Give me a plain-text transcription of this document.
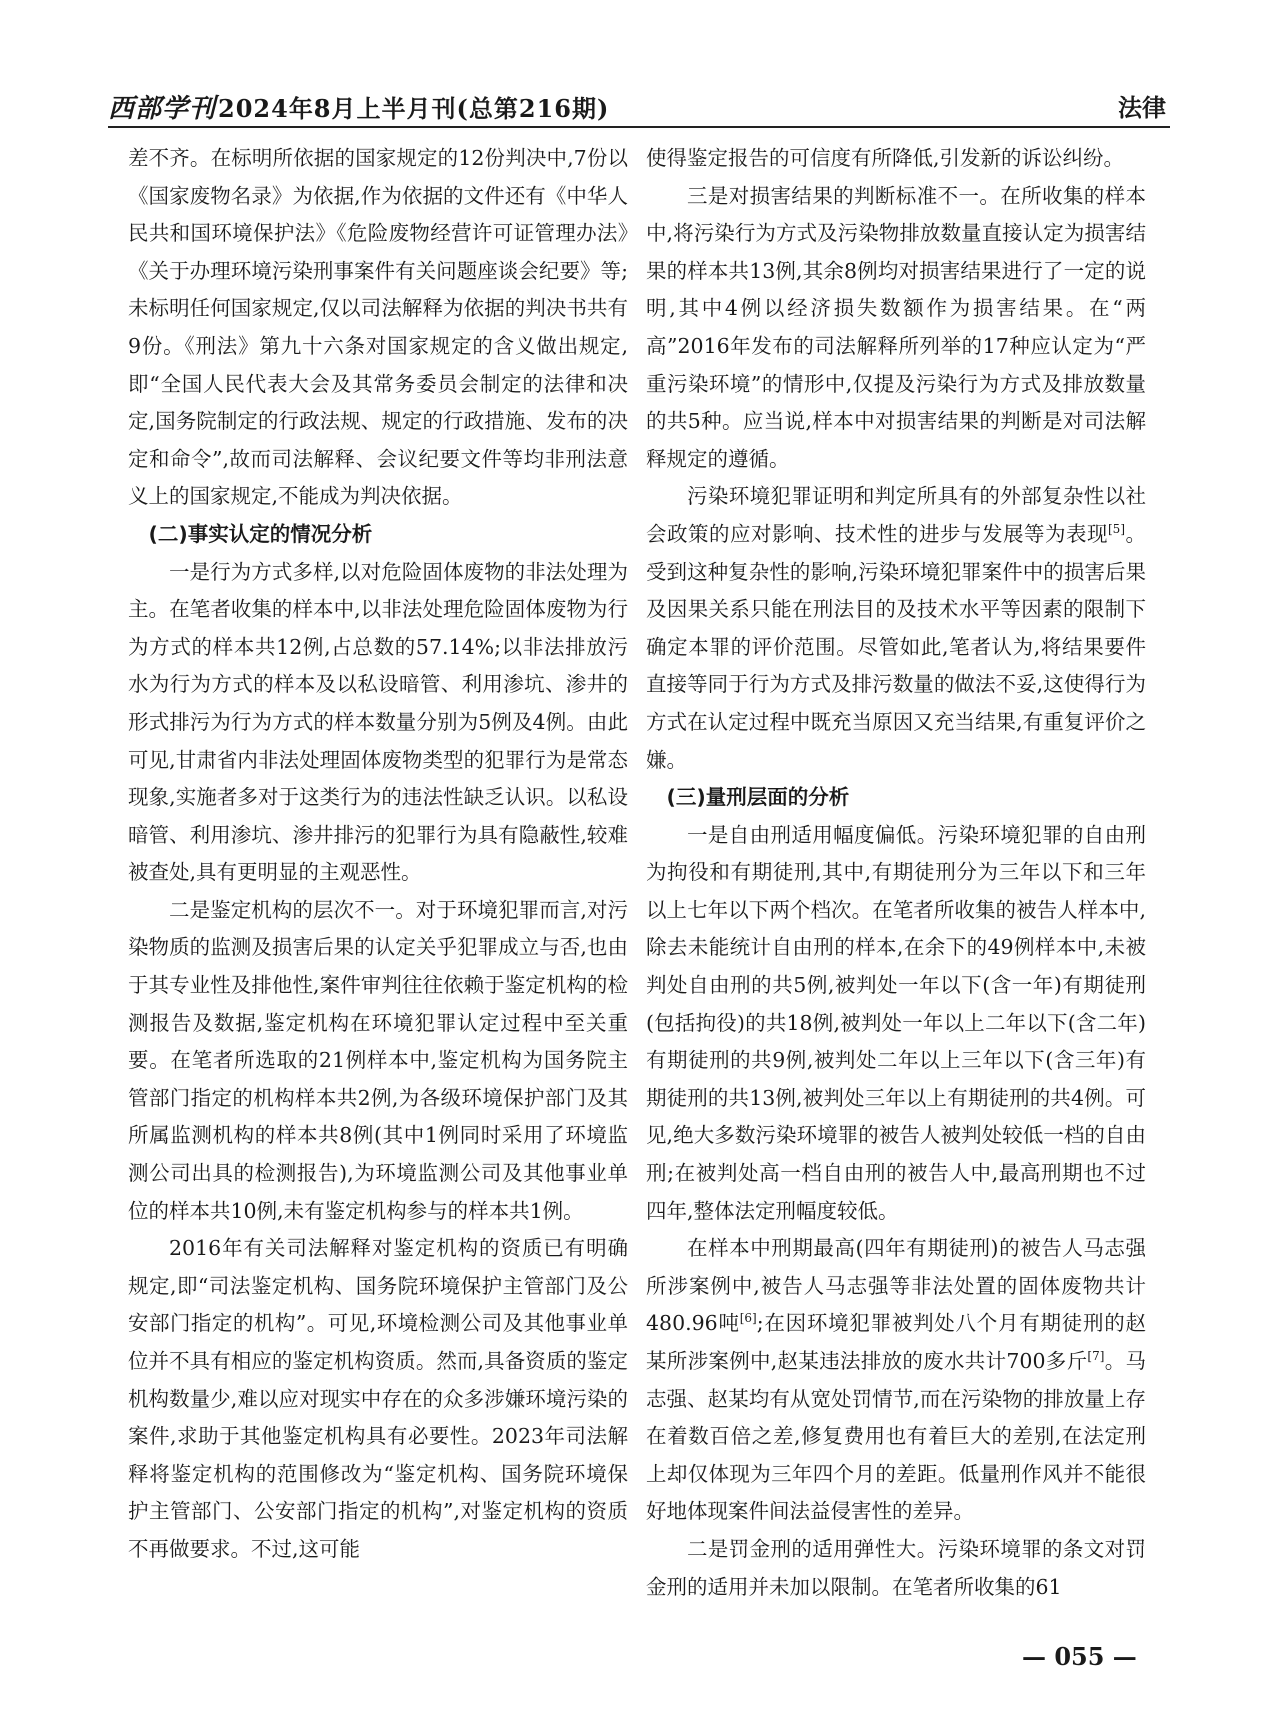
西部学刊2024年8月上半月刊(总第216期)	法律

差不齐。在标明所依据的国家规定的12份判决中,7份以《国家废物名录》为依据,作为依据的文件还有《中华人民共和国环境保护法》《危险废物经营许可证管理办法》《关于办理环境污染刑事案件有关问题座谈会纪要》等;未标明任何国家规定,仅以司法解释为依据的判决书共有9份。《刑法》第九十六条对国家规定的含义做出规定,即“全国人民代表大会及其常务委员会制定的法律和决定,国务院制定的行政法规、规定的行政措施、发布的决定和命令”,故而司法解释、会议纪要文件等均非刑法意义上的国家规定,不能成为判决依据。

(二)事实认定的情况分析

一是行为方式多样,以对危险固体废物的非法处理为主。在笔者收集的样本中,以非法处理危险固体废物为行为方式的样本共12例,占总数的57.14%;以非法排放污水为行为方式的样本及以私设暗管、利用渗坑、渗井的形式排污为行为方式的样本数量分别为5例及4例。由此可见,甘肃省内非法处理固体废物类型的犯罪行为是常态现象,实施者多对于这类行为的违法性缺乏认识。以私设暗管、利用渗坑、渗井排污的犯罪行为具有隐蔽性,较难被查处,具有更明显的主观恶性。

二是鉴定机构的层次不一。对于环境犯罪而言,对污染物质的监测及损害后果的认定关乎犯罪成立与否,也由于其专业性及排他性,案件审判往往依赖于鉴定机构的检测报告及数据,鉴定机构在环境犯罪认定过程中至关重要。在笔者所选取的21例样本中,鉴定机构为国务院主管部门指定的机构样本共2例,为各级环境保护部门及其所属监测机构的样本共8例(其中1例同时采用了环境监测公司出具的检测报告),为环境监测公司及其他事业单位的样本共10例,未有鉴定机构参与的样本共1例。

2016年有关司法解释对鉴定机构的资质已有明确规定,即“司法鉴定机构、国务院环境保护主管部门及公安部门指定的机构”。可见,环境检测公司及其他事业单位并不具有相应的鉴定机构资质。然而,具备资质的鉴定机构数量少,难以应对现实中存在的众多涉嫌环境污染的案件,求助于其他鉴定机构具有必要性。2023年司法解释将鉴定机构的范围修改为“鉴定机构、国务院环境保护主管部门、公安部门指定的机构”,对鉴定机构的资质不再做要求。不过,这可能

使得鉴定报告的可信度有所降低,引发新的诉讼纠纷。

三是对损害结果的判断标准不一。在所收集的样本中,将污染行为方式及污染物排放数量直接认定为损害结果的样本共13例,其余8例均对损害结果进行了一定的说明,其中4例以经济损失数额作为损害结果。在“两高”2016年发布的司法解释所列举的17种应认定为“严重污染环境”的情形中,仅提及污染行为方式及排放数量的共5种。应当说,样本中对损害结果的判断是对司法解释规定的遵循。

污染环境犯罪证明和判定所具有的外部复杂性以社会政策的应对影响、技术性的进步与发展等为表现[5]。受到这种复杂性的影响,污染环境犯罪案件中的损害后果及因果关系只能在刑法目的及技术水平等因素的限制下确定本罪的评价范围。尽管如此,笔者认为,将结果要件直接等同于行为方式及排污数量的做法不妥,这使得行为方式在认定过程中既充当原因又充当结果,有重复评价之嫌。

(三)量刑层面的分析

一是自由刑适用幅度偏低。污染环境犯罪的自由刑为拘役和有期徒刑,其中,有期徒刑分为三年以下和三年以上七年以下两个档次。在笔者所收集的被告人样本中,除去未能统计自由刑的样本,在余下的49例样本中,未被判处自由刑的共5例,被判处一年以下(含一年)有期徒刑(包括拘役)的共18例,被判处一年以上二年以下(含二年)有期徒刑的共9例,被判处二年以上三年以下(含三年)有期徒刑的共13例,被判处三年以上有期徒刑的共4例。可见,绝大多数污染环境罪的被告人被判处较低一档的自由刑;在被判处高一档自由刑的被告人中,最高刑期也不过四年,整体法定刑幅度较低。

在样本中刑期最高(四年有期徒刑)的被告人马志强所涉案例中,被告人马志强等非法处置的固体废物共计480.96吨[6];在因环境犯罪被判处八个月有期徒刑的赵某所涉案例中,赵某违法排放的废水共计700多斤[7]。马志强、赵某均有从宽处罚情节,而在污染物的排放量上存在着数百倍之差,修复费用也有着巨大的差别,在法定刑上却仅体现为三年四个月的差距。低量刑作风并不能很好地体现案件间法益侵害性的差异。

二是罚金刑的适用弹性大。污染环境罪的条文对罚金刑的适用并未加以限制。在笔者所收集的61

— 055 —
